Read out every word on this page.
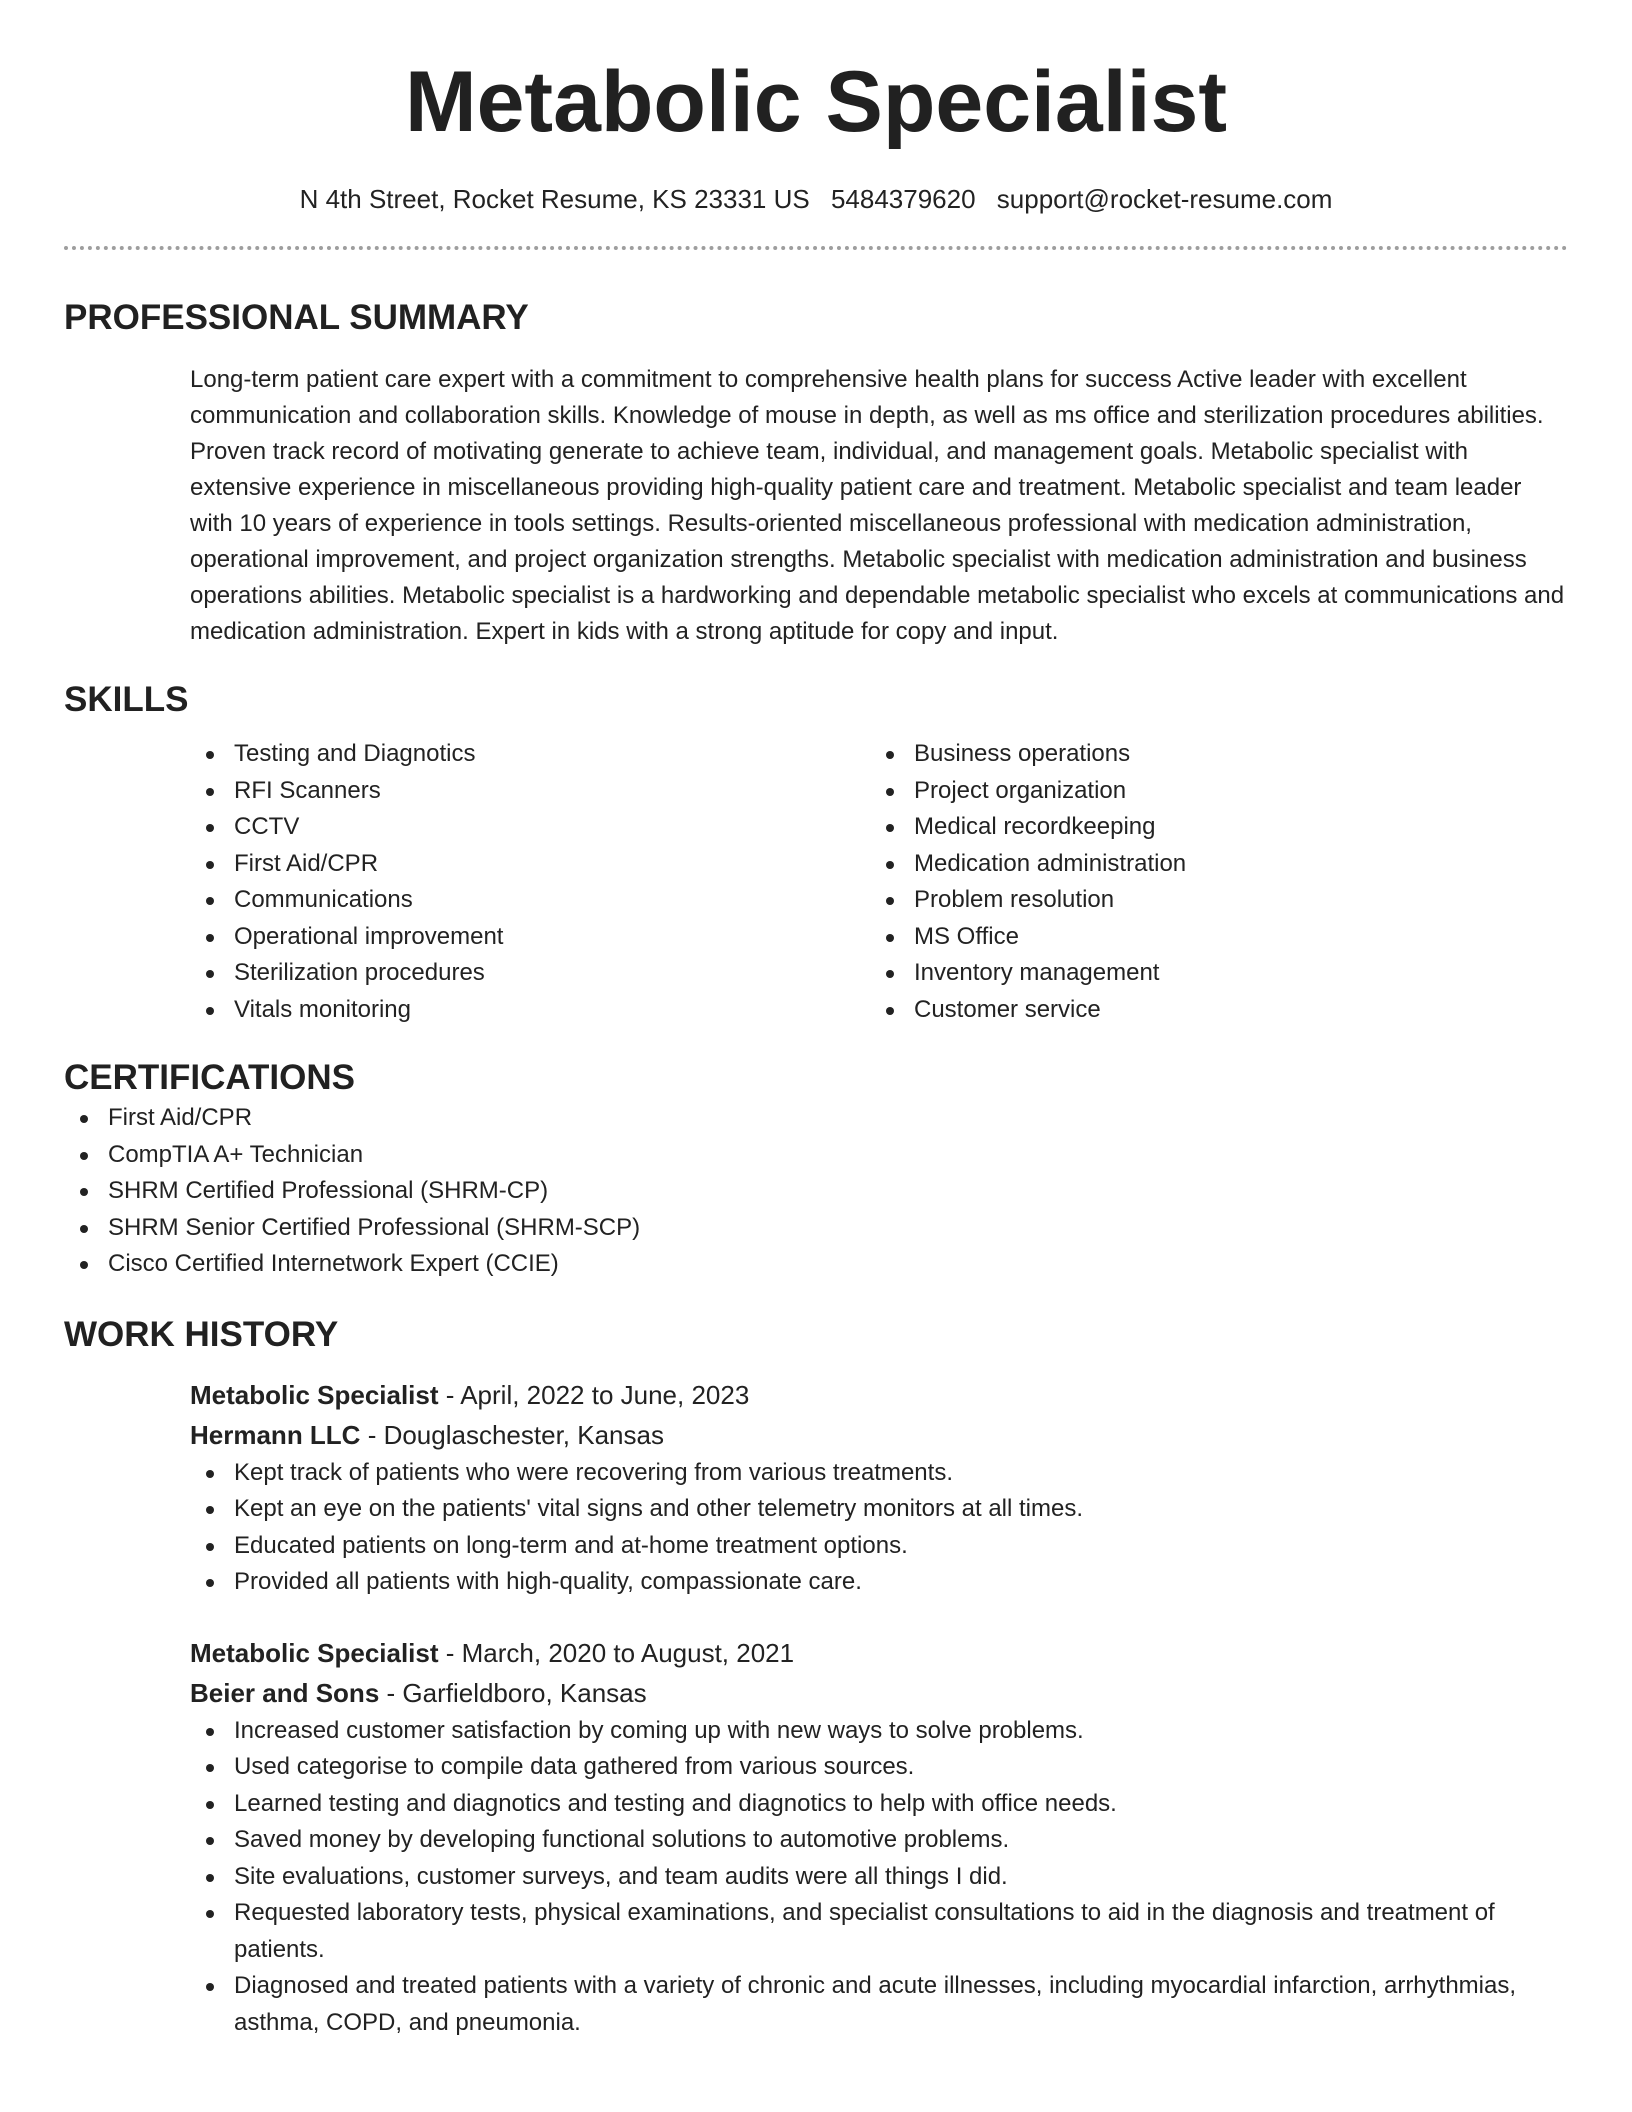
Metabolic Specialist
N 4th Street, Rocket Resume, KS 23331 US 5484379620 support@rocket-resume.com
PROFESSIONAL SUMMARY

Long-term patient care expert with a commitment to comprehensive health plans for success Active leader with excellent communication and collaboration skills. Knowledge of mouse in depth, as well as ms office and sterilization procedures abilities. Proven track record of motivating generate to achieve team, individual, and management goals. Metabolic specialist with extensive experience in miscellaneous providing high-quality patient care and treatment. Metabolic specialist and team leader with 10 years of experience in tools settings. Results-oriented miscellaneous professional with medication administration, operational improvement, and project organization strengths. Metabolic specialist with medication administration and business operations abilities. Metabolic specialist is a hardworking and dependable metabolic specialist who excels at communications and medication administration. Expert in kids with a strong aptitude for copy and input.

SKILLS
Testing and Diagnotics
RFI Scanners
CCTV
First Aid/CPR
Communications
Operational improvement
Sterilization procedures
Vitals monitoring
Business operations
Project organization
Medical recordkeeping
Medication administration
Problem resolution
MS Office
Inventory management
Customer service
CERTIFICATIONS
First Aid/CPR
CompTIA A+ Technician
SHRM Certified Professional (SHRM-CP)
SHRM Senior Certified Professional (SHRM-SCP)
Cisco Certified Internetwork Expert (CCIE)
WORK HISTORY
Metabolic Specialist - April, 2022 to June, 2023
Hermann LLC - Douglaschester, Kansas
Kept track of patients who were recovering from various treatments.
Kept an eye on the patients' vital signs and other telemetry monitors at all times.
Educated patients on long-term and at-home treatment options.
Provided all patients with high-quality, compassionate care.
Metabolic Specialist - March, 2020 to August, 2021
Beier and Sons - Garfieldboro, Kansas
Increased customer satisfaction by coming up with new ways to solve problems.
Used categorise to compile data gathered from various sources.
Learned testing and diagnotics and testing and diagnotics to help with office needs.
Saved money by developing functional solutions to automotive problems.
Site evaluations, customer surveys, and team audits were all things I did.
Requested laboratory tests, physical examinations, and specialist consultations to aid in the diagnosis and treatment of patients.
Diagnosed and treated patients with a variety of chronic and acute illnesses, including myocardial infarction, arrhythmias, asthma, COPD, and pneumonia.
